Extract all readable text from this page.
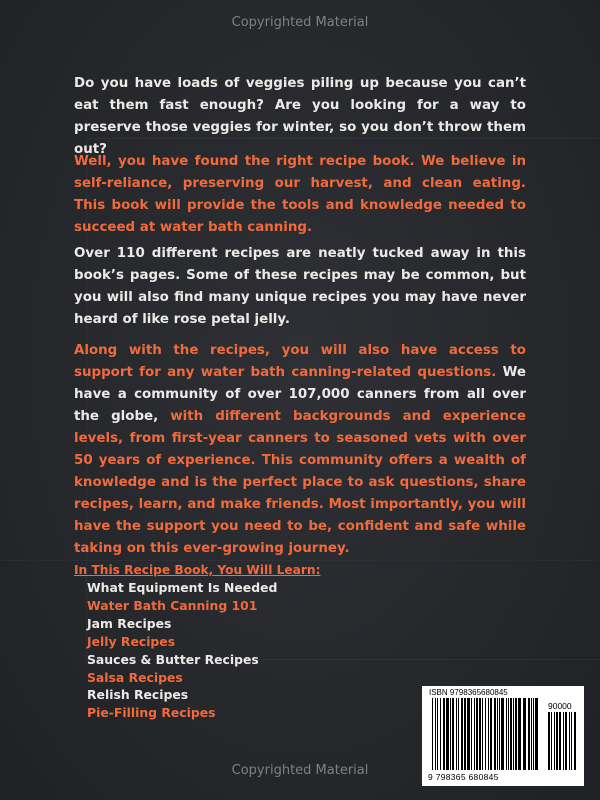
Copyrighted Material

Do you have loads of veggies piling up because you can’t eat them fast enough? Are you looking for a way to preserve those veggies for winter, so you don’t throw them out?

Well, you have found the right recipe book. We believe in self-reliance, preserving our harvest, and clean eating. This book will provide the tools and knowledge needed to succeed at water bath canning.

Over 110 different recipes are neatly tucked away in this book’s pages. Some of these recipes may be common, but you will also find many unique recipes you may have never heard of like rose petal jelly.

Along with the recipes, you will also have access to support for any water bath canning-related questions. We have a community of over 107,000 canners from all over the globe, with different backgrounds and experience levels, from first-year canners to seasoned vets with over 50 years of experience. This community offers a wealth of knowledge and is the perfect place to ask questions, share recipes, learn, and make friends. Most importantly, you will have the support you need to be, confident and safe while taking on this ever-growing journey.

In This Recipe Book, You Will Learn:
What Equipment Is Needed
Water Bath Canning 101
Jam Recipes
Jelly Recipes
Sauces & Butter Recipes
Salsa Recipes
Relish Recipes
Pie-Filling Recipes
ISBN 9798365680845
90000
9 798365 680845
Copyrighted Material
